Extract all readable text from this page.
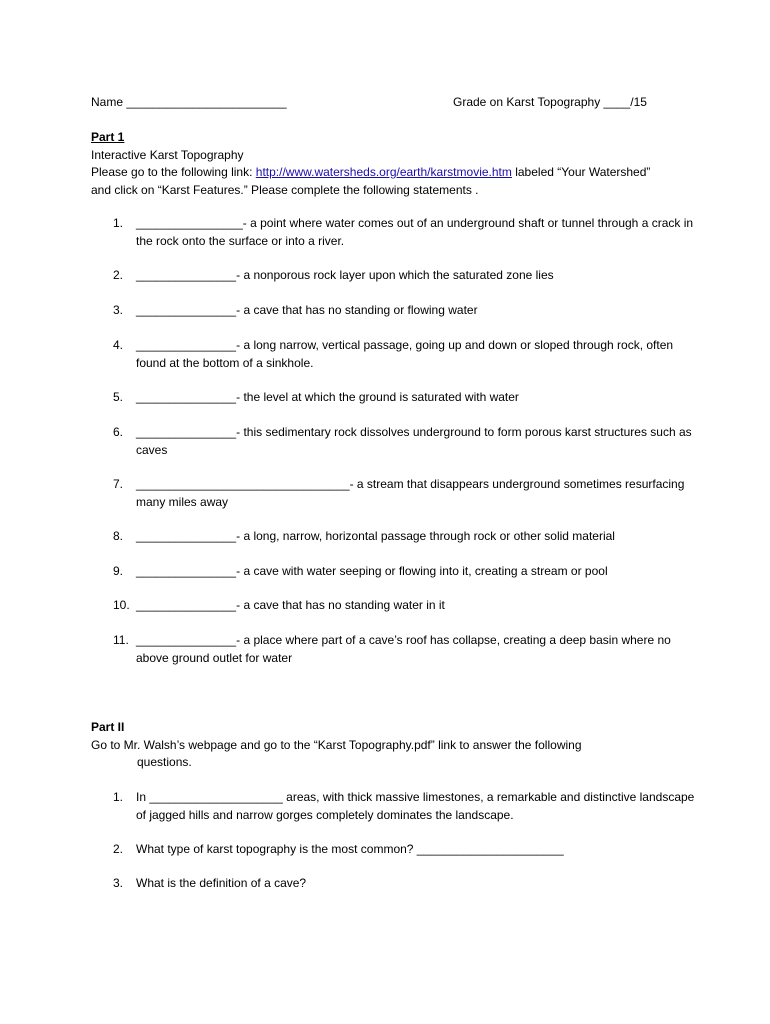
Name ________________________	Grade on Karst Topography ____/15
Part 1
Interactive Karst Topography
Please go to the following link: http://www.watersheds.org/earth/karstmovie.htm labeled “Your Watershed” and click on “Karst Features.” Please complete the following statements .
1.	________________- a point where water comes out of an underground shaft or tunnel through a crack in the rock onto the surface or into a river.
2.	_______________- a nonporous rock layer upon which the saturated zone lies
3.	_______________- a cave that has no standing or flowing water
4.	_______________- a long narrow, vertical passage, going up and down or sloped through rock, often found at the bottom of a sinkhole.
5.	_______________- the level at which the ground is saturated with water
6.	_______________- this sedimentary rock dissolves underground to form porous karst structures such as caves
7.	________________________________- a stream that disappears underground sometimes resurfacing many miles away
8.	_______________- a long, narrow, horizontal passage through rock or other solid material
9.	_______________- a cave with water seeping or flowing into it, creating a stream or pool
10. _______________- a cave that has no standing water in it
11. _______________- a place where part of a cave’s roof has collapse, creating a deep basin where no above ground outlet for water
Part II
Go to Mr. Walsh’s webpage and go to the “Karst Topography.pdf” link to answer the following
questions.
1.	In ____________________ areas, with thick massive limestones, a remarkable and distinctive landscape of jagged hills and narrow gorges completely dominates the landscape.
2.	What type of karst topography is the most common? ______________________
3.	What is the definition of a cave?
